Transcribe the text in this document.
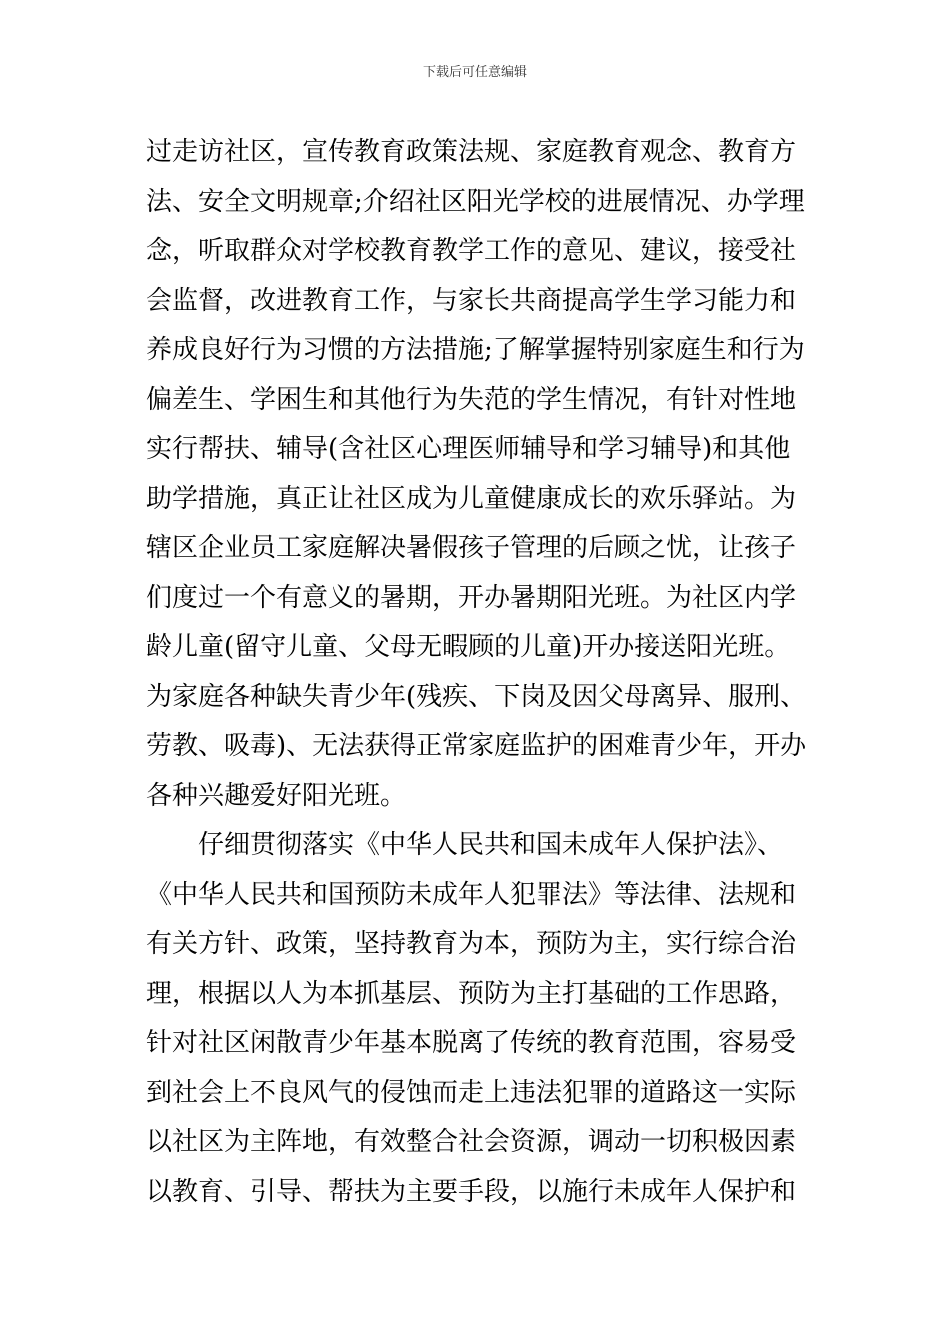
下载后可任意编辑
过走访社区，宣传教育政策法规、家庭教育观念、教育方
法、安全文明规章;介绍社区阳光学校的进展情况、办学理
念，听取群众对学校教育教学工作的意见、建议，接受社
会监督，改进教育工作，与家长共商提高学生学习能力和
养成良好行为习惯的方法措施;了解掌握特别家庭生和行为
偏差生、学困生和其他行为失范的学生情况，有针对性地
实行帮扶、辅导(含社区心理医师辅导和学习辅导)和其他
助学措施，真正让社区成为儿童健康成长的欢乐驿站。为
辖区企业员工家庭解决暑假孩子管理的后顾之忧，让孩子
们度过一个有意义的暑期，开办暑期阳光班。为社区内学
龄儿童(留守儿童、父母无暇顾的儿童)开办接送阳光班。
为家庭各种缺失青少年(残疾、下岗及因父母离异、服刑、
劳教、吸毒)、无法获得正常家庭监护的困难青少年，开办
各种兴趣爱好阳光班。
　　仔细贯彻落实《中华人民共和国未成年人保护法》、
《中华人民共和国预防未成年人犯罪法》等法律、法规和
有关方针、政策，坚持教育为本，预防为主，实行综合治
理，根据以人为本抓基层、预防为主打基础的工作思路，
针对社区闲散青少年基本脱离了传统的教育范围，容易受
到社会上不良风气的侵蚀而走上违法犯罪的道路这一实际
以社区为主阵地，有效整合社会资源，调动一切积极因素
以教育、引导、帮扶为主要手段，以施行未成年人保护和
